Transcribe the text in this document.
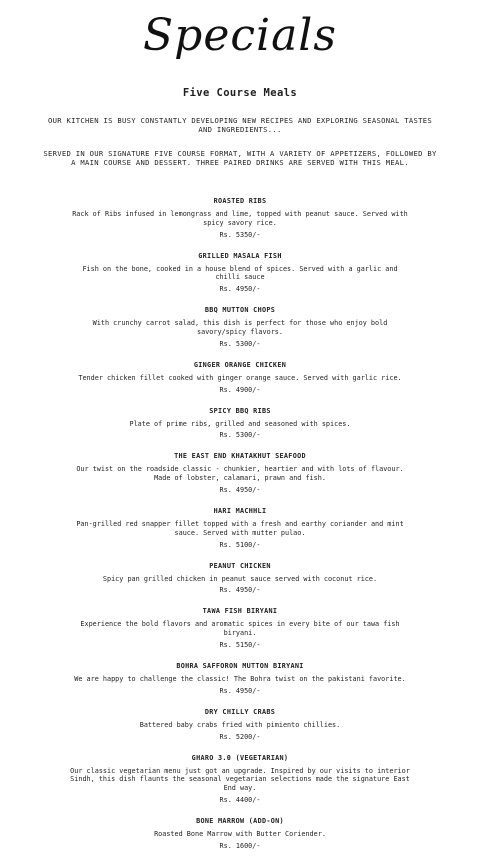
Specials
Five Course Meals
OUR KITCHEN IS BUSY CONSTANTLY DEVELOPING NEW RECIPES AND EXPLORING SEASONAL TASTES AND INGREDIENTS...
SERVED IN OUR SIGNATURE FIVE COURSE FORMAT, WITH A VARIETY OF APPETIZERS, FOLLOWED BY A MAIN COURSE AND DESSERT. THREE PAIRED DRINKS ARE SERVED WITH THIS MEAL.
ROASTED RIBS
Rack of Ribs infused in lemongrass and lime, topped with peanut sauce. Served with spicy savory rice.
Rs. 5350/-
GRILLED MASALA FISH
Fish on the bone, cooked in a house blend of spices. Served with a garlic and chilli sauce
Rs. 4950/-
BBQ MUTTON CHOPS
With crunchy carrot salad, this dish is perfect for those who enjoy bold savory/spicy flavors.
Rs. 5300/-
GINGER ORANGE CHICKEN
Tender chicken fillet cooked with ginger orange sauce. Served with garlic rice.
Rs. 4900/-
SPICY BBQ RIBS
Plate of prime ribs, grilled and seasoned with spices.
Rs. 5300/-
THE EAST END KHATAKHUT SEAFOOD
Our twist on the roadside classic - chunkier, heartier and with lots of flavour. Made of lobster, calamari, prawn and fish.
Rs. 4950/-
HARI MACHHLI
Pan-grilled red snapper fillet topped with a fresh and earthy coriander and mint sauce. Served with mutter pulao.
Rs. 5100/-
PEANUT CHICKEN
Spicy pan grilled chicken in peanut sauce served with coconut rice.
Rs. 4950/-
TAWA FISH BIRYANI
Experience the bold flavors and aromatic spices in every bite of our tawa fish biryani.
Rs. 5150/-
BOHRA SAFFORON MUTTON BIRYANI
We are happy to challenge the classic! The Bohra twist on the pakistani favorite.
Rs. 4950/-
DRY CHILLY CRABS
Battered baby crabs fried with pimiento chillies.
Rs. 5200/-
GHARO 3.0 (VEGETARIAN)
Our classic vegetarian menu just got an upgrade. Inspired by our visits to interior Sindh, this dish flaunts the seasonal vegetarian selections made the signature East End way.
Rs. 4400/-
BONE MARROW (ADD-ON)
Roasted Bone Marrow with Butter Coriender.
Rs. 1600/-
